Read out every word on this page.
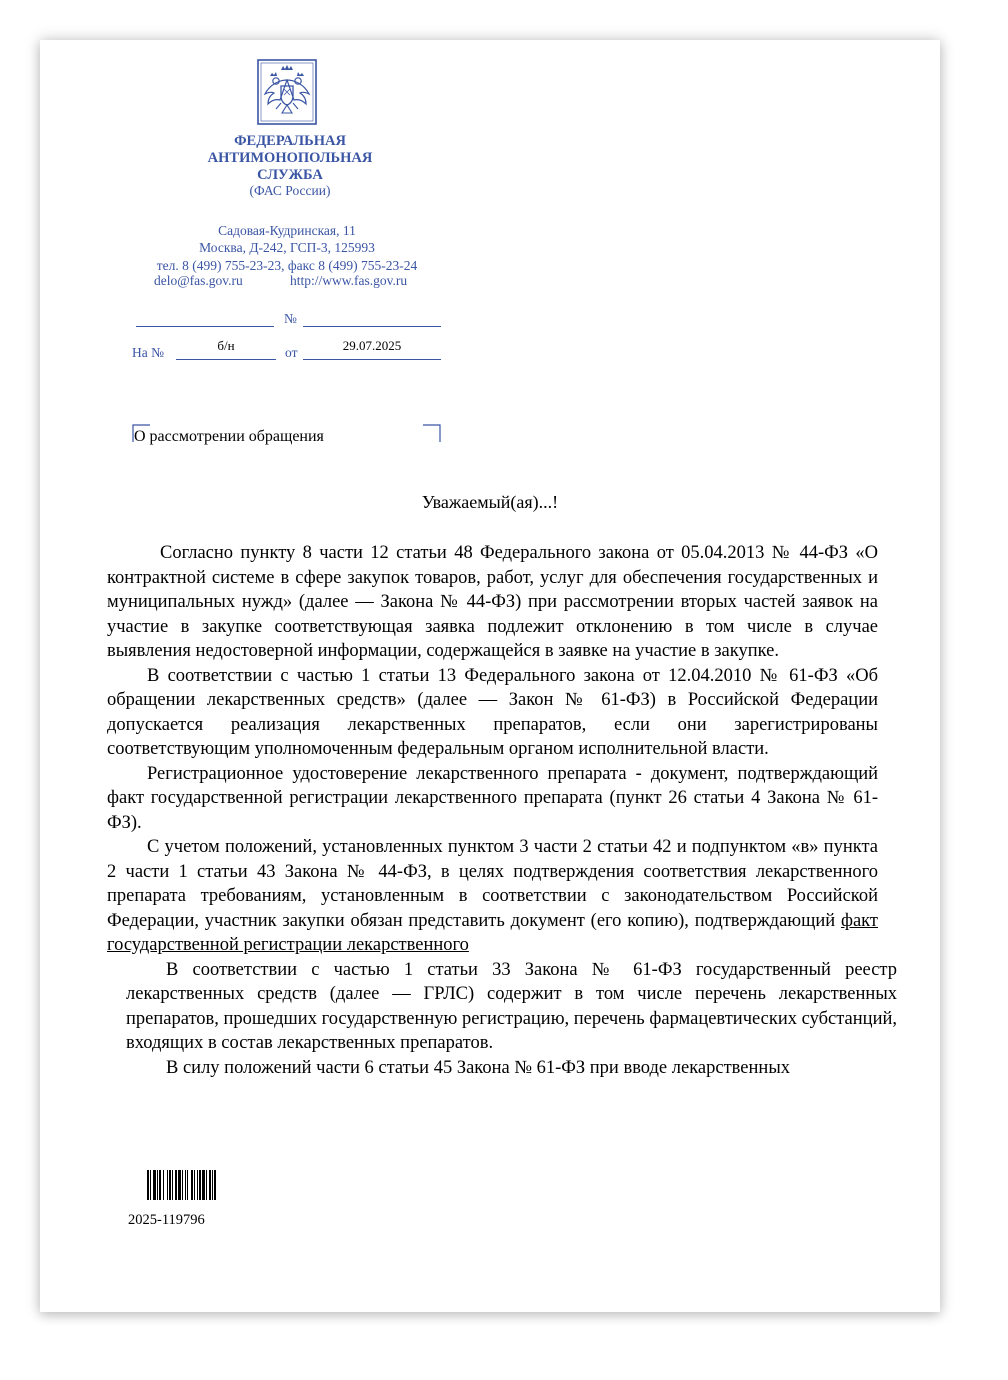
ФЕДЕРАЛЬНАЯ
АНТИМОНОПОЛЬНАЯ
СЛУЖБА
(ФАС России)
Садовая-Кудринская, 11
Москва, Д-242, ГСП-3, 125993
тел. 8 (499) 755-23-23, факс 8 (499) 755-23-24
delo@fas.gov.ru	http://www.fas.gov.ru
№
На №	б/н	от	29.07.2025
О рассмотрении обращения
Уважаемый(ая)...!

Согласно пункту 8 части 12 статьи 48 Федерального закона от 05.04.2013 № 44-ФЗ «О контрактной системе в сфере закупок товаров, работ, услуг для обеспечения государственных и муниципальных нужд» (далее — Закона № 44-ФЗ) при рассмотрении вторых частей заявок на участие в закупке соответствующая заявка подлежит отклонению в том числе в случае выявления недостоверной информации, содержащейся в заявке на участие в закупке.

В соответствии с частью 1 статьи 13 Федерального закона от 12.04.2010 № 61-ФЗ «Об обращении лекарственных средств» (далее — Закон № 61-ФЗ) в Российской Федерации допускается реализация лекарственных препаратов, если они зарегистрированы соответствующим уполномоченным федеральным органом исполнительной власти.

Регистрационное удостоверение лекарственного препарата - документ, подтверждающий факт государственной регистрации лекарственного препарата (пункт 26 статьи 4 Закона № 61-ФЗ).

С учетом положений, установленных пунктом 3 части 2 статьи 42 и подпунктом «в» пункта 2 части 1 статьи 43 Закона № 44-ФЗ, в целях подтверждения соответствия лекарственного препарата требованиям, установленным в соответствии с законодательством Российской Федерации, участник закупки обязан представить документ (его копию), подтверждающий факт государственной регистрации лекарственного

В соответствии с частью 1 статьи 33 Закона № 61-ФЗ государственный реестр лекарственных средств (далее — ГРЛС) содержит в том числе перечень лекарственных препаратов, прошедших государственную регистрацию, перечень фармацевтических субстанций, входящих в состав лекарственных препаратов.

В силу положений части 6 статьи 45 Закона № 61-ФЗ при вводе лекарственных

2025-119796
